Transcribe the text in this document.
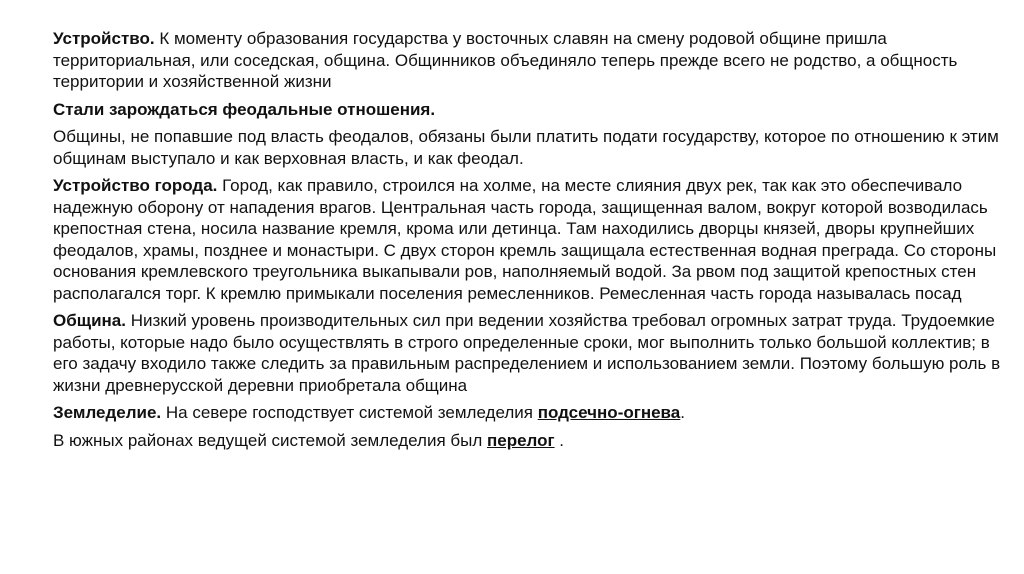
Устройство. К моменту образования государства у восточных славян на смену родовой общине пришла территориальная, или соседская, община. Общинников объединяло теперь прежде всего не родство, а общность территории и хозяйственной жизни

Стали зарождаться феодальные отношения.

Общины, не попавшие под власть феодалов, обязаны были платить подати государству, которое по отношению к этим общинам выступало и как верховная власть, и как феодал.

Устройство города. Город, как правило, строился на холме, на месте слияния двух рек, так как это обеспечивало надежную оборону от нападения врагов. Центральная часть города, защищенная валом, вокруг которой возводилась крепостная стена, носила название кремля, крома или детинца. Там находились дворцы князей, дворы крупнейших феодалов, храмы, позднее и монастыри. С двух сторон кремль защищала естественная водная преграда. Со стороны основания кремлевского треугольника выкапывали ров, наполняемый водой. За рвом под защитой крепостных стен располагался торг. К кремлю примыкали поселения ремесленников. Ремесленная часть города называлась посад

Община. Низкий уровень производительных сил при ведении хозяйства требовал огромных затрат труда. Трудоемкие работы, которые надо было осуществлять в строго определенные сроки, мог выполнить только большой коллектив; в его задачу входило также следить за правильным распределением и использованием земли. Поэтому большую роль в жизни древнерусской деревни приобретала община

Земледелие. На севере господствует системой земледелия подсечно-огнева.

В южных районах ведущей системой земледелия был перелог .
